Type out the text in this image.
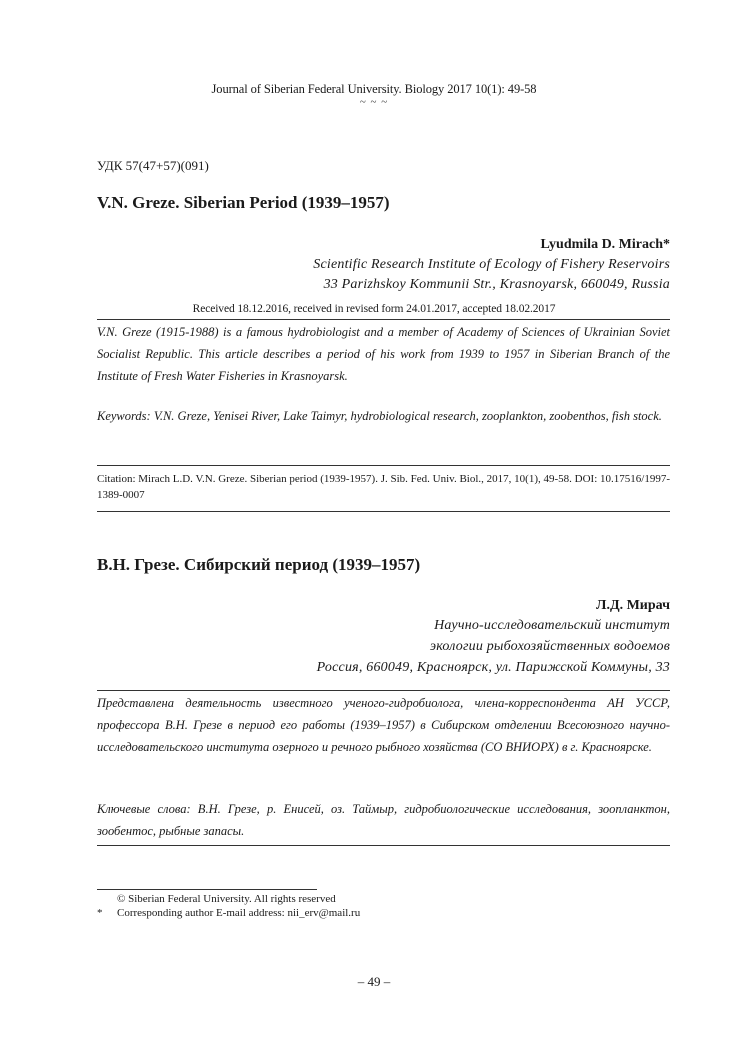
Journal of Siberian Federal University. Biology 2017 10(1): 49-58
~ ~ ~
УДК 57(47+57)(091)
V.N. Greze. Siberian Period (1939–1957)
Lyudmila D. Mirach*
Scientific Research Institute of Ecology of Fishery Reservoirs
33 Parizhskoy Kommunii Str., Krasnoyarsk, 660049, Russia
Received 18.12.2016, received in revised form 24.01.2017, accepted 18.02.2017
V.N. Greze (1915-1988) is a famous hydrobiologist and a member of Academy of Sciences of Ukrainian Soviet Socialist Republic. This article describes a period of his work from 1939 to 1957 in Siberian Branch of the Institute of Fresh Water Fisheries in Krasnoyarsk.
Keywords: V.N. Greze, Yenisei River, Lake Taimyr, hydrobiological research, zooplankton, zoobenthos, fish stock.
Citation: Mirach L.D. V.N. Greze. Siberian period (1939-1957). J. Sib. Fed. Univ. Biol., 2017, 10(1), 49-58. DOI: 10.17516/1997-1389-0007
В.Н. Грезе. Сибирский период (1939–1957)
Л.Д. Мирач
Научно-исследовательский институт
экологии рыбохозяйственных водоемов
Россия, 660049, Красноярск, ул. Парижской Коммуны, 33
Представлена деятельность известного ученого-гидробиолога, члена-корреспондента АН УССР, профессора В.Н. Грезе в период его работы (1939–1957) в Сибирском отделении Всесоюзного научно-исследовательского института озерного и речного рыбного хозяйства (СО ВНИОРХ) в г. Красноярске.
Ключевые слова: В.Н. Грезе, р. Енисей, оз. Таймыр, гидробиологические исследования, зоопланктон, зообентос, рыбные запасы.
© Siberian Federal University. All rights reserved
* Corresponding author E-mail address: nii_erv@mail.ru
– 49 –
